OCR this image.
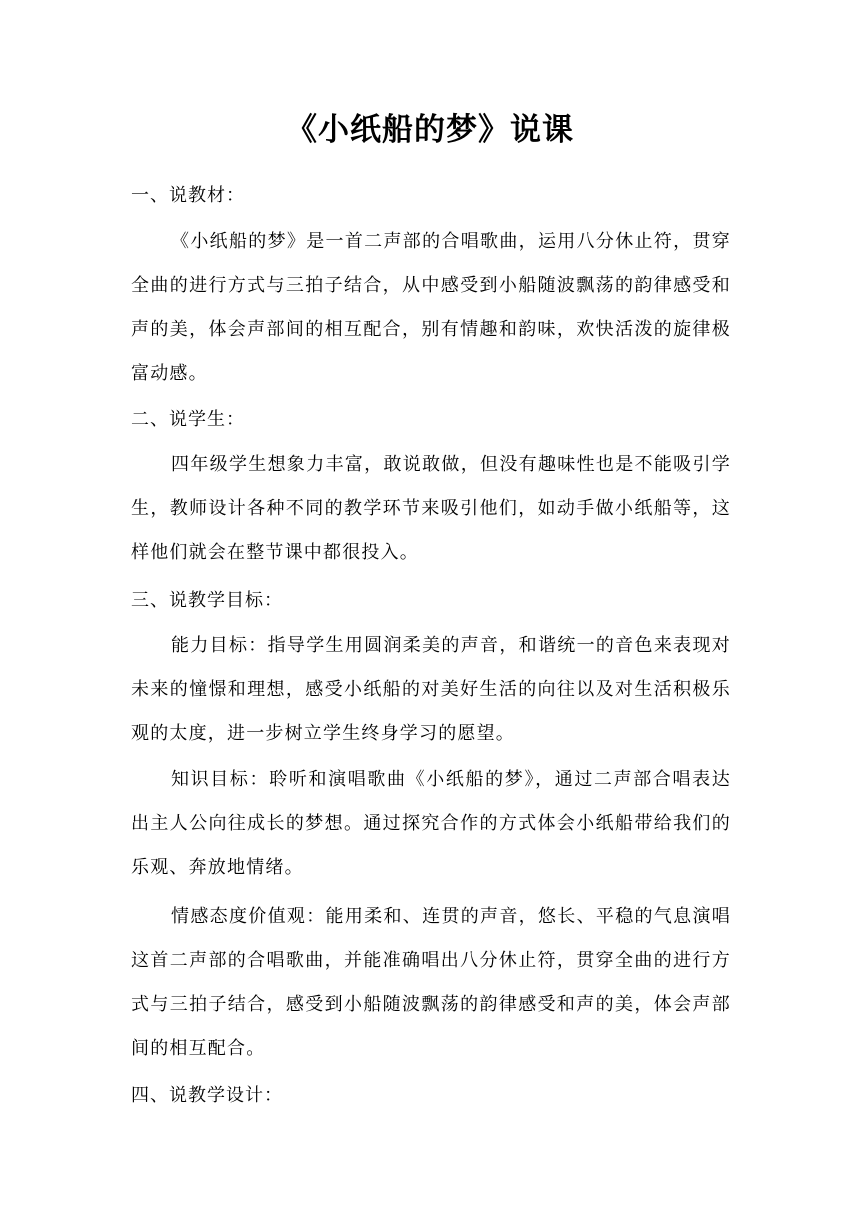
《小纸船的梦》说课
一、说教材：
《小纸船的梦》是一首二声部的合唱歌曲，运用八分休止符，贯穿全曲的进行方式与三拍子结合，从中感受到小船随波飘荡的韵律感受和声的美，体会声部间的相互配合，别有情趣和韵味，欢快活泼的旋律极富动感。
二、说学生：
四年级学生想象力丰富，敢说敢做，但没有趣味性也是不能吸引学生，教师设计各种不同的教学环节来吸引他们，如动手做小纸船等，这样他们就会在整节课中都很投入。
三、说教学目标：
能力目标：指导学生用圆润柔美的声音，和谐统一的音色来表现对未来的憧憬和理想，感受小纸船的对美好生活的向往以及对生活积极乐观的太度，进一步树立学生终身学习的愿望。
知识目标：聆听和演唱歌曲《小纸船的梦》，通过二声部合唱表达出主人公向往成长的梦想。通过探究合作的方式体会小纸船带给我们的乐观、奔放地情绪。
情感态度价值观：能用柔和、连贯的声音，悠长、平稳的气息演唱这首二声部的合唱歌曲，并能准确唱出八分休止符，贯穿全曲的进行方式与三拍子结合，感受到小船随波飘荡的韵律感受和声的美，体会声部间的相互配合。
四、说教学设计：
